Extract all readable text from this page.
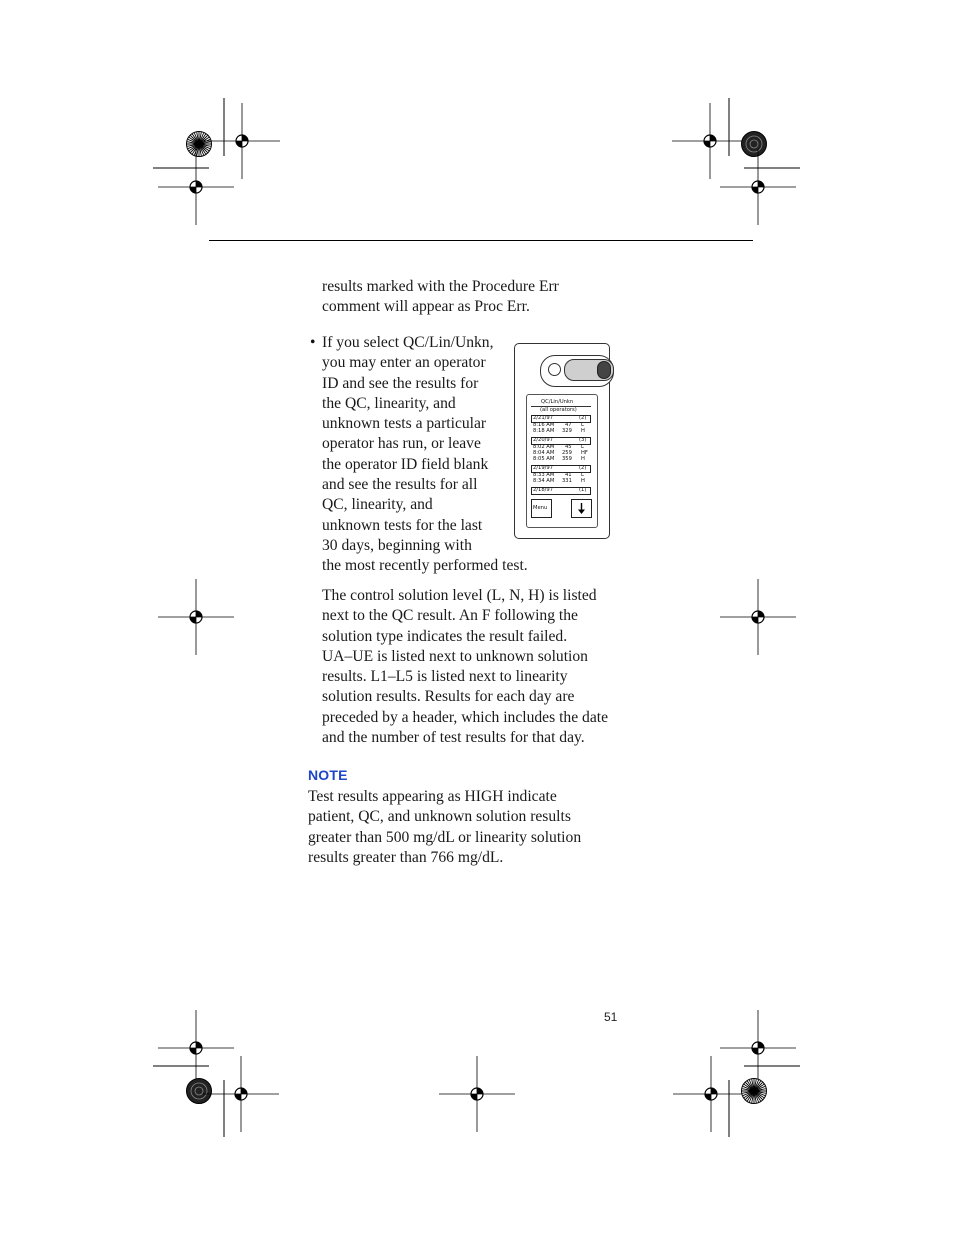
results marked with the Procedure Err
comment will appear as Proc Err.
• If you select QC/Lin/Unkn,
you may enter an operator
ID and see the results for
the QC, linearity, and
unknown tests a particular
operator has run, or leave
the operator ID field blank
and see the results for all
QC, linearity, and
unknown tests for the last
30 days, beginning with
the most recently performed test.
The control solution level (L, N, H) is listed
next to the QC result. An F following the
solution type indicates the result failed.
UA–UE is listed next to unknown solution
results. L1–L5 is listed next to linearity
solution results. Results for each day are
preceded by a header, which includes the date
and the number of test results for that day.
NOTE
Test results appearing as HIGH indicate
patient, QC, and unknown solution results
greater than 500 mg/dL or linearity solution
results greater than 766 mg/dL.
51
QC/Lin/Unkn
(all operators)
2/21/97	(2)
8:16 AM 47 L
8:18 AM 329 H
2/20/97	(3)
8:02 AM 45 L
8:04 AM 259 HF
8:05 AM 359 H
2/19/97	(2)
8:33 AM 41 L
8:34 AM 331 H
2/18/97	(1)
Menu
